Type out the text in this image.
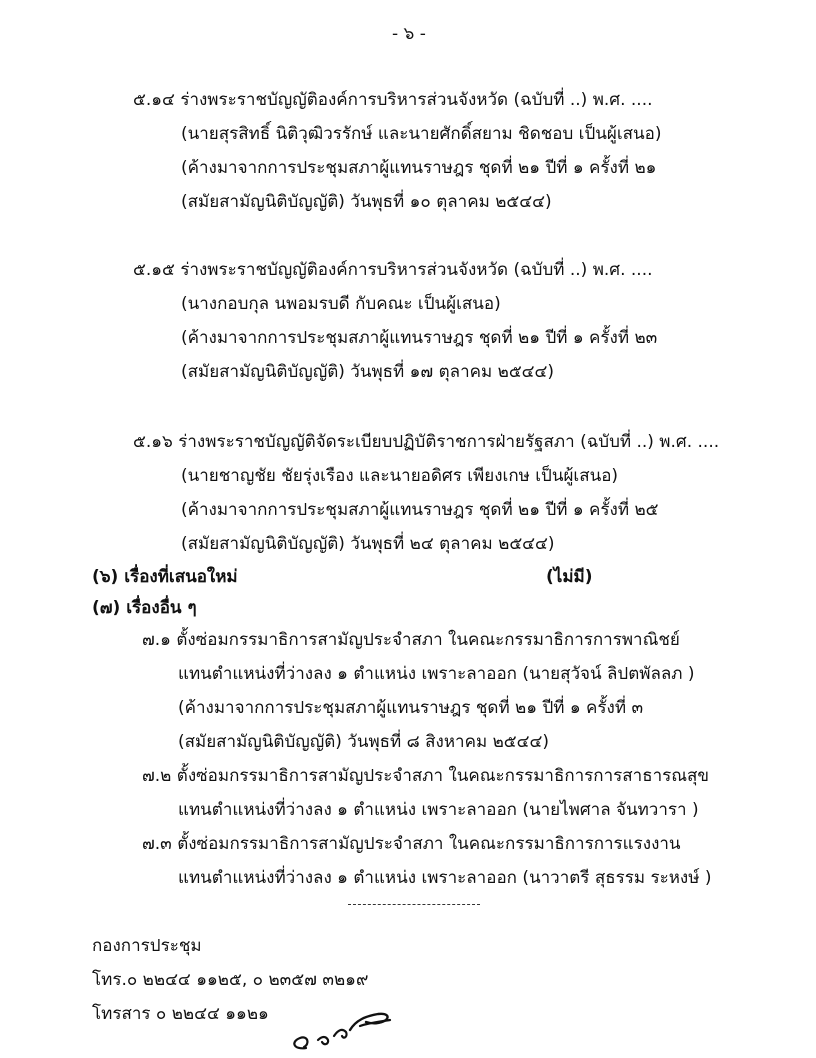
- ๖ -
๕.๑๔ ร่างพระราชบัญญัติองค์การบริหารส่วนจังหวัด (ฉบับที่ ..) พ.ศ. ....
(นายสุรสิทธิ์ นิติวุฒิวรรักษ์ และนายศักดิ์สยาม ชิดชอบ เป็นผู้เสนอ)
(ค้างมาจากการประชุมสภาผู้แทนราษฎร ชุดที่ ๒๑ ปีที่ ๑ ครั้งที่ ๒๑
(สมัยสามัญนิติบัญญัติ) วันพุธที่ ๑๐ ตุลาคม ๒๕๔๔)
๕.๑๕ ร่างพระราชบัญญัติองค์การบริหารส่วนจังหวัด (ฉบับที่ ..) พ.ศ. ....
(นางกอบกุล นพอมรบดี กับคณะ เป็นผู้เสนอ)
(ค้างมาจากการประชุมสภาผู้แทนราษฎร ชุดที่ ๒๑ ปีที่ ๑ ครั้งที่ ๒๓
(สมัยสามัญนิติบัญญัติ) วันพุธที่ ๑๗ ตุลาคม ๒๕๔๔)
๕.๑๖ ร่างพระราชบัญญัติจัดระเบียบปฏิบัติราชการฝ่ายรัฐสภา (ฉบับที่ ..) พ.ศ. ....
(นายชาญชัย ชัยรุ่งเรือง และนายอดิศร เพียงเกษ เป็นผู้เสนอ)
(ค้างมาจากการประชุมสภาผู้แทนราษฎร ชุดที่ ๒๑ ปีที่ ๑ ครั้งที่ ๒๕
(สมัยสามัญนิติบัญญัติ) วันพุธที่ ๒๔ ตุลาคม ๒๕๔๔)
(๖) เรื่องที่เสนอใหม่	(ไม่มี)
(๗) เรื่องอื่น ๆ
๗.๑ ตั้งซ่อมกรรมาธิการสามัญประจำสภา ในคณะกรรมาธิการการพาณิชย์
แทนตำแหน่งที่ว่างลง ๑ ตำแหน่ง เพราะลาออก (นายสุวัจน์ ลิปตพัลลภ )
(ค้างมาจากการประชุมสภาผู้แทนราษฎร ชุดที่ ๒๑ ปีที่ ๑ ครั้งที่ ๓
(สมัยสามัญนิติบัญญัติ) วันพุธที่ ๘ สิงหาคม ๒๕๔๔)
๗.๒ ตั้งซ่อมกรรมาธิการสามัญประจำสภา ในคณะกรรมาธิการการสาธารณสุข
แทนตำแหน่งที่ว่างลง ๑ ตำแหน่ง เพราะลาออก (นายไพศาล จันทวารา )
๗.๓ ตั้งซ่อมกรรมาธิการสามัญประจำสภา ในคณะกรรมาธิการการแรงงาน
แทนตำแหน่งที่ว่างลง ๑ ตำแหน่ง เพราะลาออก (นาวาตรี สุธรรม ระหงษ์ )
กองการประชุม
โทร.๐ ๒๒๔๔ ๑๑๒๕, ๐ ๒๓๕๗ ๓๒๑๙
โทรสาร ๐ ๒๒๔๔ ๑๑๒๑
